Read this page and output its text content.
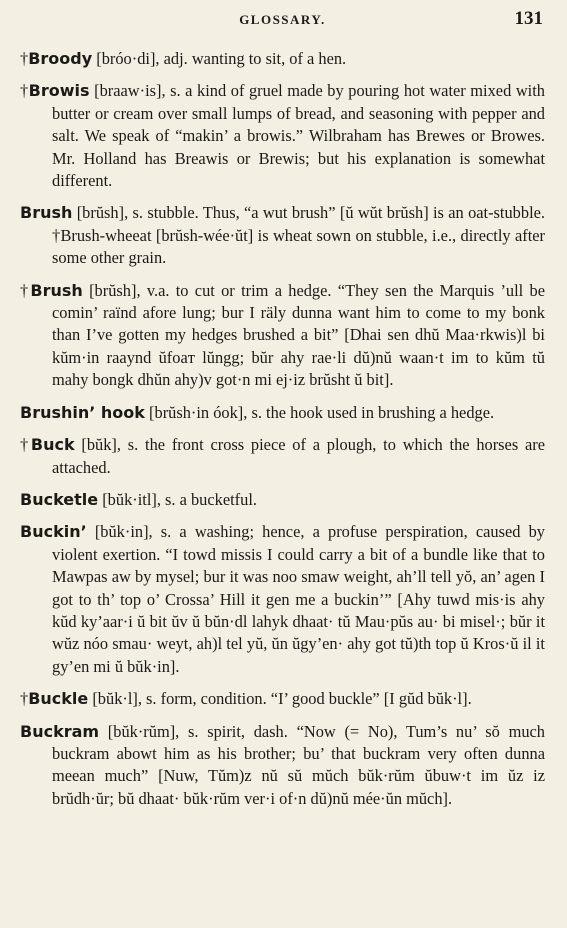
GLOSSARY.	131

†Broody [bróo·di], adj. wanting to sit, of a hen.

†Browis [braaw·is], s. a kind of gruel made by pouring hot water mixed with butter or cream over small lumps of bread, and seasoning with pepper and salt. We speak of “makin’ a browis.” Wilbraham has Brewes or Browes. Mr. Holland has Breawis or Brewis; but his explanation is somewhat different.

Brush [brŭsh], s. stubble. Thus, “a wut brush” [ŭ wŭt brŭsh] is an oat-stubble. †Brush-wheeat [brŭsh-wée·ŭt] is wheat sown on stubble, i.e., directly after some other grain.

†Brush [brŭsh], v.a. to cut or trim a hedge. “They sen the Marquis ’ull be comin’ raïnd afore lung; bur I räly dunna want him to come to my bonk than I’ve gotten my hedges brushed a bit” [Dhai sen dhŭ Maa·rkwis)l bi kŭm·in raaynd ŭfoaᴛ lŭngg; bŭr ahy rae·li dŭ)nŭ waan·t im to kŭm tŭ mahy bongk dhŭn ahy)v got·n mi ej·iz brŭsht ŭ bit].

Brushin’ hook [brŭsh·in óok], s. the hook used in brushing a hedge.

†Buck [bŭk], s. the front cross piece of a plough, to which the horses are attached.

Bucketle [bŭk·itl], s. a bucketful.

Buckin’ [bŭk·in], s. a washing; hence, a profuse perspiration, caused by violent exertion. “I towd missis I could carry a bit of a bundle like that to Mawpas aw by mysel; bur it was noo smaw weight, ah’ll tell yŏ, an’ agen I got to th’ top o’ Crossa’ Hill it gen me a buckin’” [Ahy tuwd mis·is ahy kŭd ky’aar·i ŭ bit ŭv ŭ bŭn·dl lahyk dhaat· tŭ Mau·pŭs au· bi misel·; bŭr it wŭz nóo smau· weyt, ah)l tel yŭ, ŭn ŭgy’en· ahy got tŭ)th top ŭ Kros·ŭ il it gy’en mi ŭ bŭk·in].

†Buckle [bŭk·l], s. form, condition. “I’ good buckle” [I gŭd bŭk·l].

Buckram [bŭk·rŭm], s. spirit, dash. “Now (= No), Tum’s nu’ sŏ much buckram abowt him as his brother; bu’ that buckram very often dunna meean much” [Nuw, Tŭm)z nŭ sŭ mŭch bŭk·rŭm ŭbuw·t im ŭz iz brŭdh·ŭr; bŭ dhaat· bŭk·rŭm ver·i of·n dŭ)nŭ mée·ŭn mŭch].
